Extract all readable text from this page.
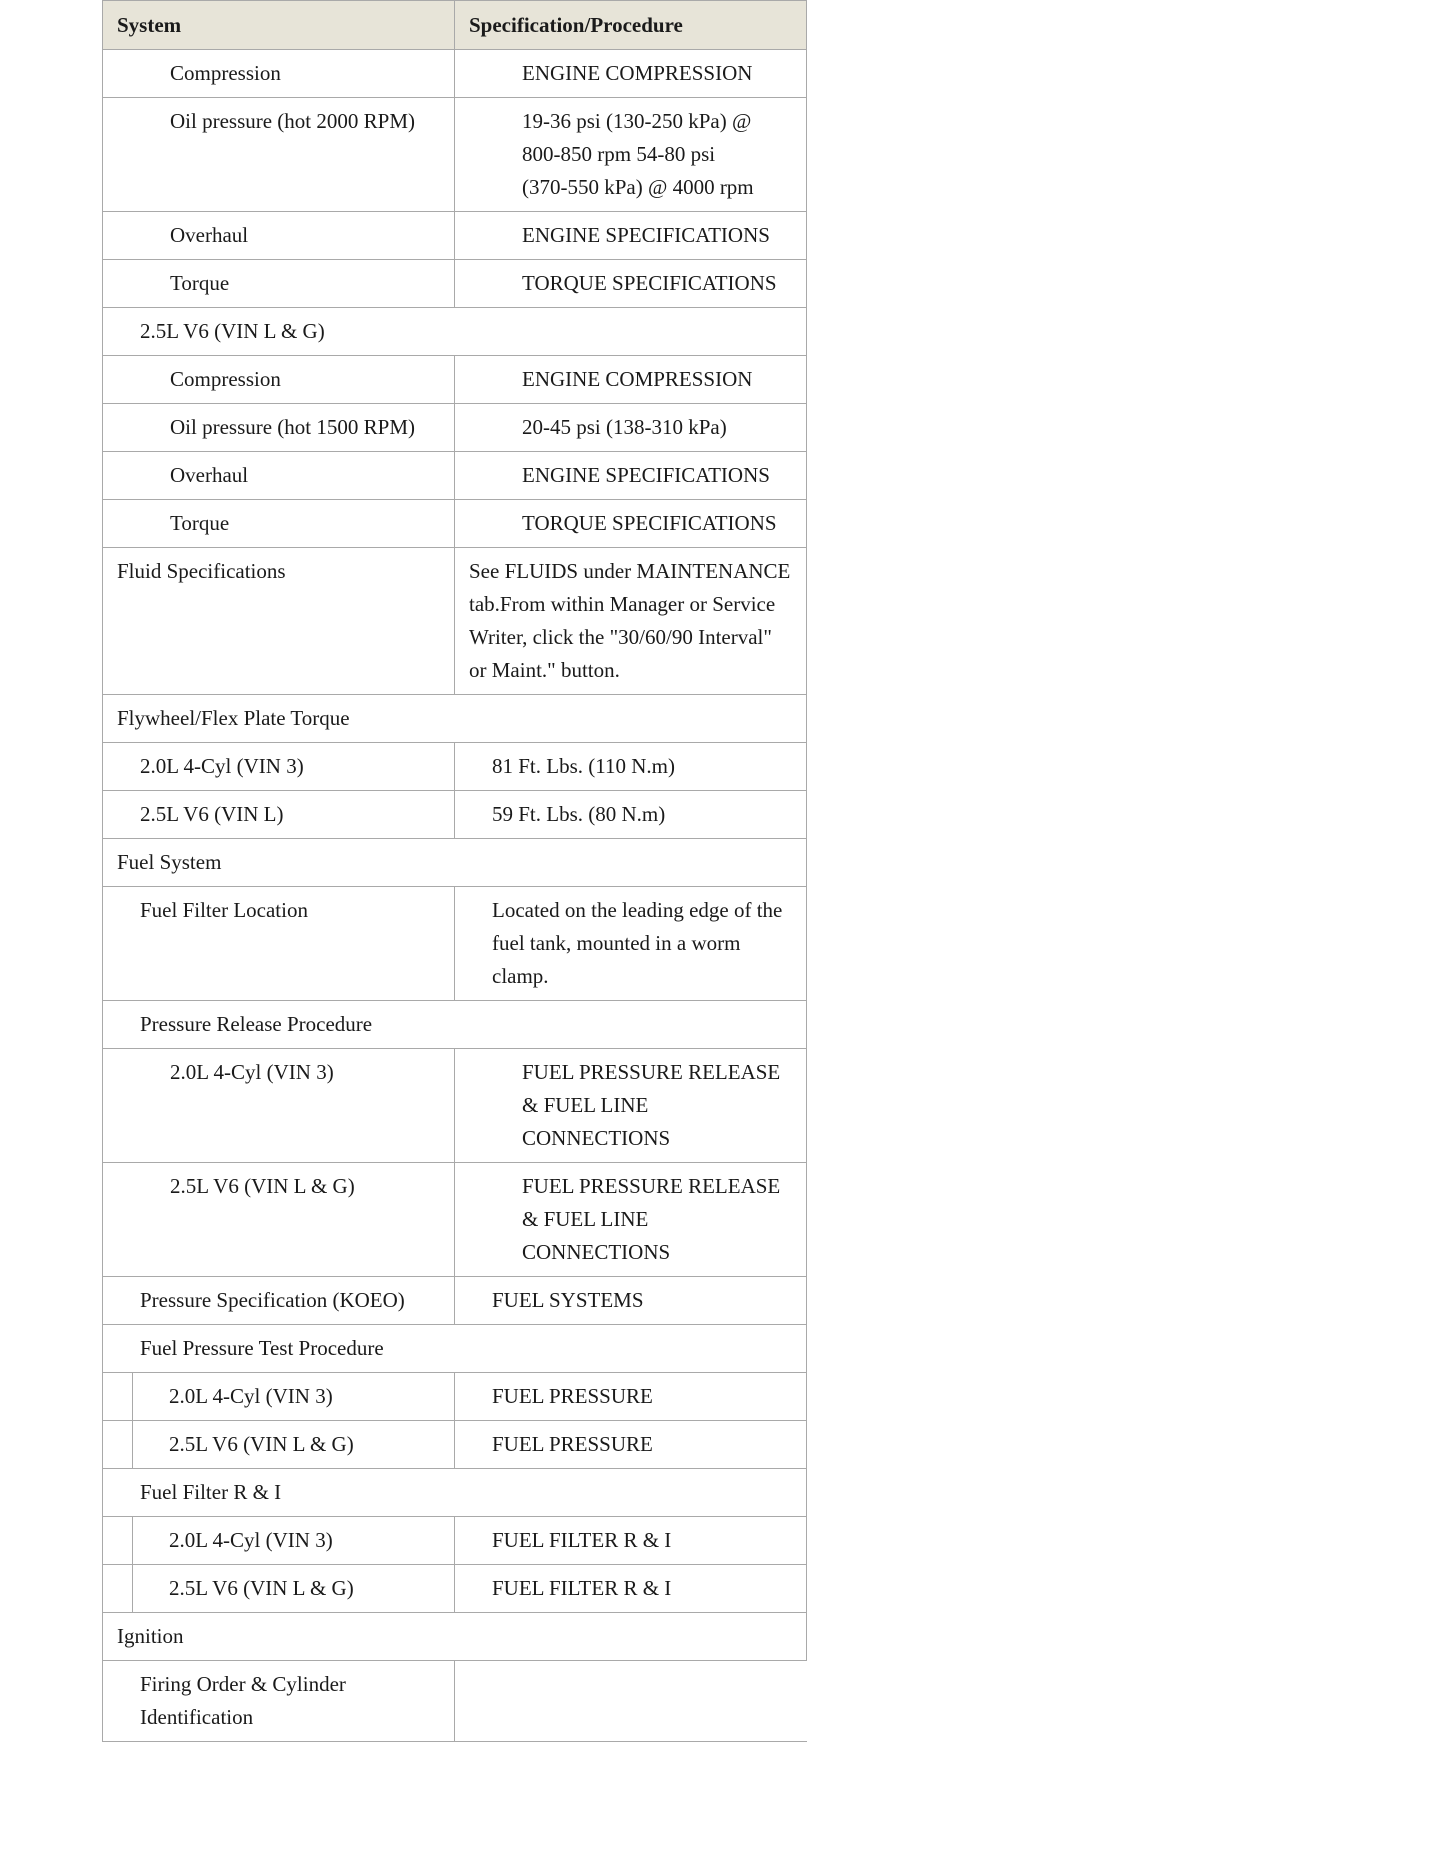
System	Specification/Procedure

Compression	ENGINE COMPRESSION

Oil pressure (hot 2000 RPM)	19-36 psi (130-250 kPa) @ 800-850 rpm 54-80 psi (370-550 kPa) @ 4000 rpm

Overhaul	ENGINE SPECIFICATIONS

Torque	TORQUE SPECIFICATIONS

2.5L V6 (VIN L & G)	

Compression	ENGINE COMPRESSION

Oil pressure (hot 1500 RPM)	20-45 psi (138-310 kPa)

Overhaul	ENGINE SPECIFICATIONS

Torque	TORQUE SPECIFICATIONS

Fluid Specifications	See FLUIDS under MAINTENANCE tab.From within Manager or Service Writer, click the "30/60/90 Interval" or Maint." button.

Flywheel/Flex Plate Torque	

2.0L 4-Cyl (VIN 3)	81 Ft. Lbs. (110 N.m)

2.5L V6 (VIN L)	59 Ft. Lbs. (80 N.m)

Fuel System	

Fuel Filter Location	Located on the leading edge of the fuel tank, mounted in a worm clamp.

Pressure Release Procedure	

2.0L 4-Cyl (VIN 3)	FUEL PRESSURE RELEASE & FUEL LINE CONNECTIONS

2.5L V6 (VIN L & G)	FUEL PRESSURE RELEASE & FUEL LINE CONNECTIONS

Pressure Specification (KOEO)	FUEL SYSTEMS

Fuel Pressure Test Procedure	

2.0L 4-Cyl (VIN 3)	FUEL PRESSURE

2.5L V6 (VIN L & G)	FUEL PRESSURE

Fuel Filter R & I	

2.0L 4-Cyl (VIN 3)	FUEL FILTER R & I

2.5L V6 (VIN L & G)	FUEL FILTER R & I

Ignition	

Firing Order & Cylinder Identification	
